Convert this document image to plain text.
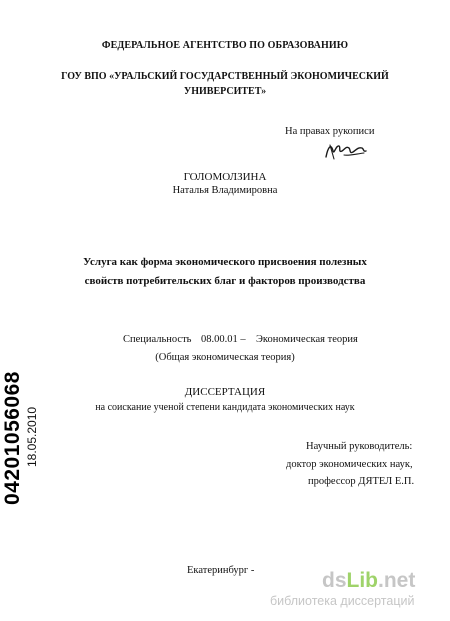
ФЕДЕРАЛЬНОЕ АГЕНТСТВО ПО ОБРАЗОВАНИЮ
ГОУ ВПО «УРАЛЬСКИЙ ГОСУДАРСТВЕННЫЙ ЭКОНОМИЧЕСКИЙ
УНИВЕРСИТЕТ»
На правах рукописи
ГОЛОМОЛЗИНА
Наталья Владимировна
Услуга как форма экономического присвоения полезных
свойств потребительских благ и факторов производства
Специальность 08.00.01 – Экономическая теория
(Общая экономическая теория)
ДИССЕРТАЦИЯ
на соискание ученой степени кандидата экономических наук
Научный руководитель:
доктор экономических наук,
профессор ДЯТЕЛ Е.П.
Екатеринбург -
04201056068 18.05.2010
dsLib.net
библиотека диссертаций
